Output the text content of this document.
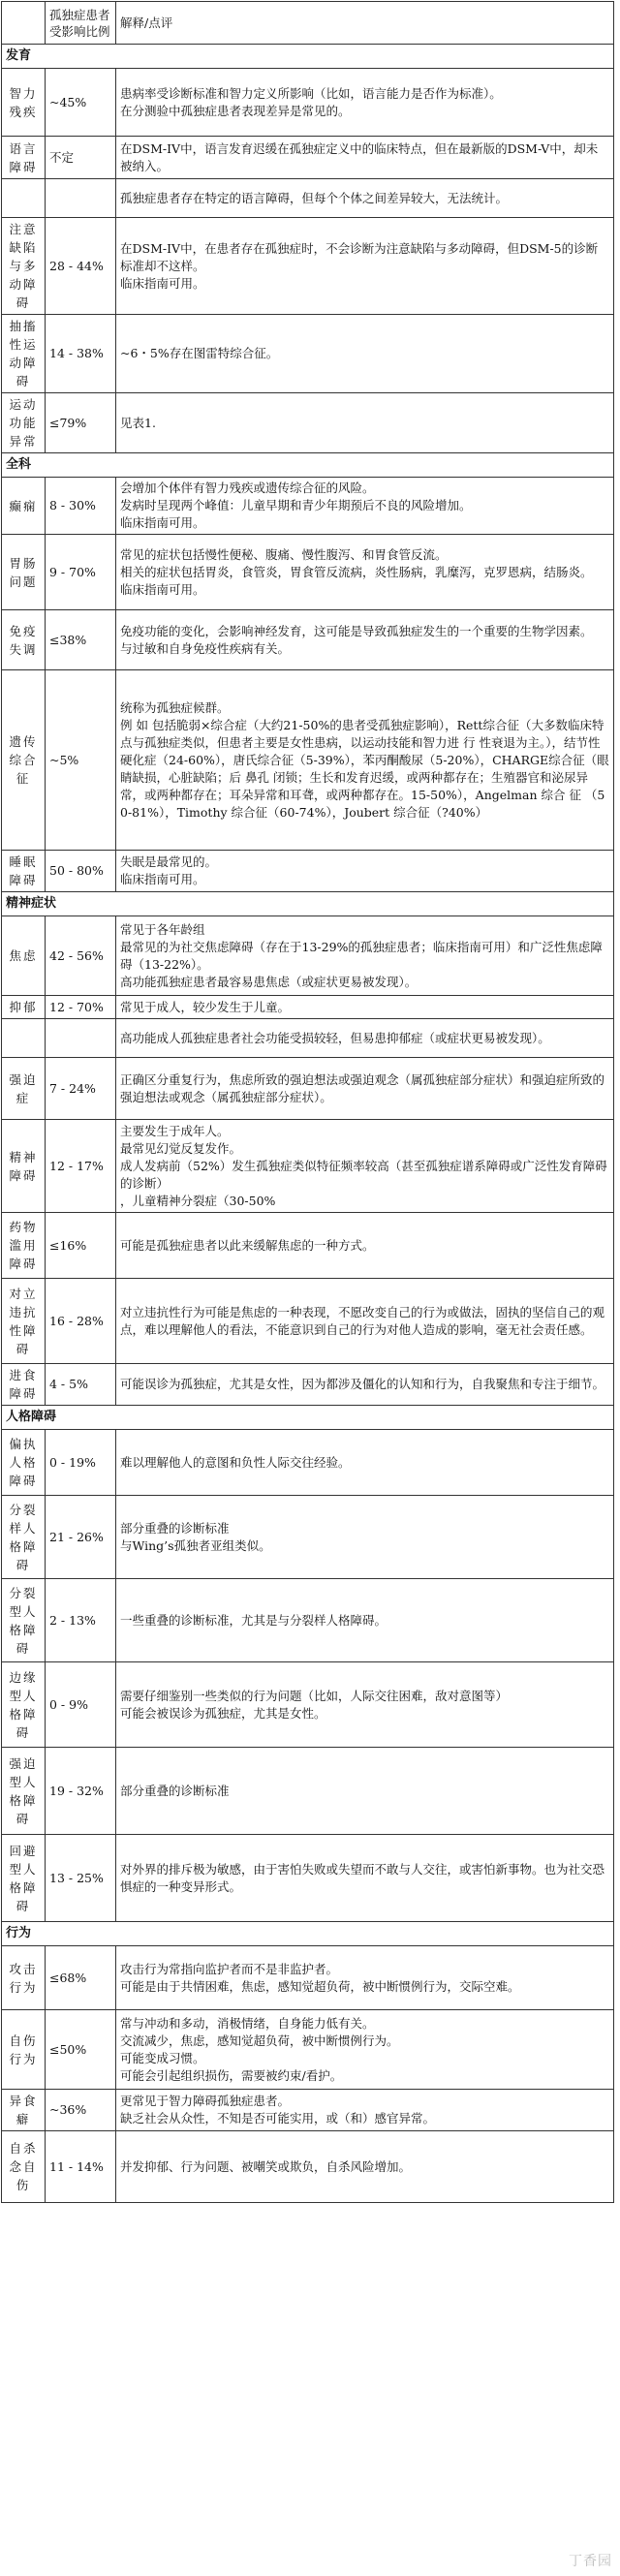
	孤独症患者受影响比例	解释/点评
发育		
智力残疾	~45%	患病率受诊断标准和智力定义所影响（比如，语言能力是否作为标准）。
在分测验中孤独症患者表现差异是常见的。

语言障碍	不定	在DSM-IV中，语言发育迟缓在孤独症定义中的临床特点，但在最新版的DSM-V中，却未被纳入。

		孤独症患者存在特定的语言障碍，但每个个体之间差异较大，无法统计。

注意缺陷与多动障碍	28 - 44%	在DSM-IV中，在患者存在孤独症时，不会诊断为注意缺陷与多动障碍，但DSM-5的诊断标准却不这样。
临床指南可用。

抽搐性运动障碍	14 - 38%	~6・5%存在图雷特综合征。

运动功能异常	≤79%	见表1.

全科		
癫痫	8 - 30%	会增加个体伴有智力残疾或遗传综合征的风险。
发病时呈现两个峰值：儿童早期和青少年期预后不良的风险增加。
临床指南可用。

胃肠问题	9 - 70%	常见的症状包括慢性便秘、腹痛、慢性腹泻、和胃食管反流。
相关的症状包括胃炎，食管炎，胃食管反流病，炎性肠病，乳糜泻，克罗恩病，结肠炎。
临床指南可用。

免疫失调	≤38%	免疫功能的变化，会影响神经发育，这可能是导致孤独症发生的一个重要的生物学因素。
与过敏和自身免疫性疾病有关。

遗传综合征	~5%	统称为孤独症候群。
例 如 包括脆弱×综合症（大约21-50%的患者受孤独症影响），Rett综合征（大多数临床特点与孤独症类似，但患者主要是女性患病，以运动技能和智力进 行 性衰退为主。），结节性硬化症（24-60%），唐氏综合征（5-39%），苯丙酮酸尿（5-20%），CHARGE综合征（眼睛缺损，心脏缺陷；后 鼻孔 闭锁；生长和发育迟缓，或两种都存在；生殖器官和泌尿异常，或两种都存在；耳朵异常和耳聋，或两种都存在。15-50%），Angelman 综合 征 （50-81%），Timothy 综合征（60-74%），Joubert 综合征（?40%）

睡眠障碍	50 - 80%	失眠是最常见的。
临床指南可用。

精神症状		
焦虑	42 - 56%	常见于各年龄组
最常见的为社交焦虑障碍（存在于13-29%的孤独症患者；临床指南可用）和广泛性焦虑障碍（13-22%）。
高功能孤独症患者最容易患焦虑（或症状更易被发现）。

抑郁	12 - 70%	常见于成人，较少发生于儿童。

		高功能成人孤独症患者社会功能受损较轻，但易患抑郁症（或症状更易被发现）。

强迫症	7 - 24%	正确区分重复行为，焦虑所致的强迫想法或强迫观念（属孤独症部分症状）和强迫症所致的强迫想法或观念（属孤独症部分症状）。

精神障碍	12 - 17%	主要发生于成年人。
最常见幻觉反复发作。
成人发病前（52%）发生孤独症类似特征频率较高（甚至孤独症谱系障碍或广泛性发育障碍的诊断）
，儿童精神分裂症（30-50%

药物滥用障碍	≤16%	可能是孤独症患者以此来缓解焦虑的一种方式。

对立违抗性障碍	16 - 28%	对立违抗性行为可能是焦虑的一种表现，不愿改变自己的行为或做法，固执的坚信自己的观点，难以理解他人的看法，不能意识到自己的行为对他人造成的影响，毫无社会责任感。

进食障碍	4 - 5%	可能误诊为孤独症，尤其是女性，因为都涉及僵化的认知和行为，自我聚焦和专注于细节。

人格障碍		
偏执人格障碍	0 - 19%	难以理解他人的意图和负性人际交往经验。

分裂样人格障碍	21 - 26%	部分重叠的诊断标准
与Wing’s孤独者亚组类似。

分裂型人格障碍	2 - 13%	一些重叠的诊断标准，尤其是与分裂样人格障碍。

边缘型人格障碍	0 - 9%	需要仔细鉴别一些类似的行为问题（比如，人际交往困难，敌对意图等）
可能会被误诊为孤独症，尤其是女性。

强迫型人格障碍	19 - 32%	部分重叠的诊断标准

回避型人格障碍	13 - 25%	对外界的排斥极为敏感，由于害怕失败或失望而不敢与人交往，或害怕新事物。也为社交恐惧症的一种变异形式。

行为		
攻击行为	≤68%	攻击行为常指向监护者而不是非监护者。
可能是由于共情困难，焦虑，感知觉超负荷，被中断惯例行为，交际空难。

自伤行为	≤50%	常与冲动和多动，消极情绪，自身能力低有关。
交流减少，焦虑，感知觉超负荷，被中断惯例行为。
可能变成习惯。
可能会引起组织损伤，需要被约束/看护。

异食癖	~36%	更常见于智力障碍孤独症患者。
缺乏社会从众性，不知是否可能实用，或（和）感官异常。

自杀念自伤	11 - 14%	并发抑郁、行为问题、被嘲笑或欺负，自杀风险增加。
丁香园
